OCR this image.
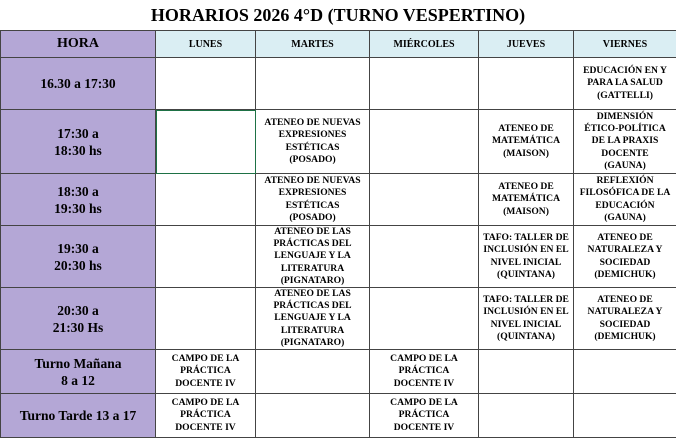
HORARIOS 2026 4°D (TURNO VESPERTINO)
HORA	LUNES	MARTES	MIÉRCOLES	JUEVES	VIERNES
16.30 a 17:30					EDUCACIÓN EN Y
PARA LA SALUD
(GATTELLI)
17:30 a
18:30 hs		ATENEO DE NUEVAS
EXPRESIONES
ESTÉTICAS
(POSADO)		ATENEO DE
MATEMÁTICA
(MAISON)	DIMENSIÓN
ÉTICO-POLÍTICA
DE LA PRAXIS
DOCENTE
(GAUNA)
18:30 a
19:30 hs		ATENEO DE NUEVAS
EXPRESIONES
ESTÉTICAS
(POSADO)		ATENEO DE
MATEMÁTICA
(MAISON)	REFLEXIÓN
FILOSÓFICA DE LA
EDUCACIÓN
(GAUNA)
19:30 a
20:30 hs		ATENEO DE LAS
PRÁCTICAS DEL
LENGUAJE Y LA
LITERATURA
(PIGNATARO)		TAFO: TALLER DE
INCLUSIÓN EN EL
NIVEL INICIAL
(QUINTANA)	ATENEO DE
NATURALEZA Y
SOCIEDAD
(DEMICHUK)
20:30 a
21:30 Hs		ATENEO DE LAS
PRÁCTICAS DEL
LENGUAJE Y LA
LITERATURA
(PIGNATARO)		TAFO: TALLER DE
INCLUSIÓN EN EL
NIVEL INICIAL
(QUINTANA)	ATENEO DE
NATURALEZA Y
SOCIEDAD
(DEMICHUK)
Turno Mañana
8 a 12	CAMPO DE LA
PRÁCTICA
DOCENTE IV		CAMPO DE LA
PRÁCTICA
DOCENTE IV		
Turno Tarde 13 a 17	CAMPO DE LA
PRÁCTICA
DOCENTE IV		CAMPO DE LA
PRÁCTICA
DOCENTE IV		
